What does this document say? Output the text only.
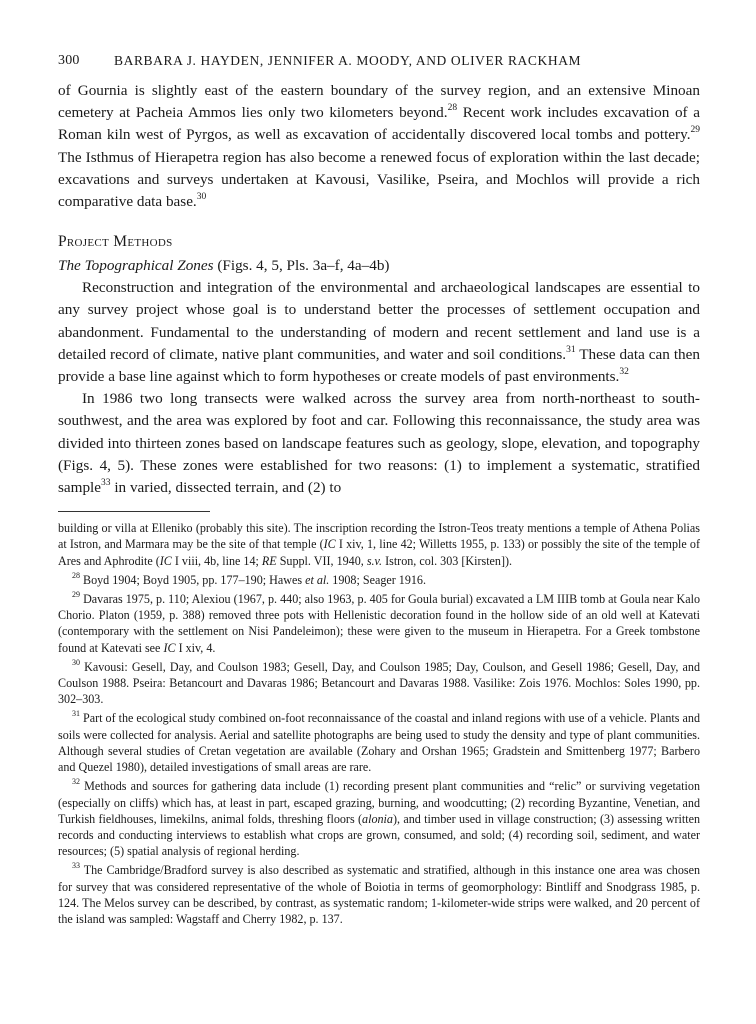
300	BARBARA J. HAYDEN, JENNIFER A. MOODY, AND OLIVER RACKHAM

of Gournia is slightly east of the eastern boundary of the survey region, and an extensive Minoan cemetery at Pacheia Ammos lies only two kilometers beyond.$^{28}$ Recent work includes excavation of a Roman kiln west of Pyrgos, as well as excavation of accidentally discovered local tombs and pottery.$^{29}$ The Isthmus of Hierapetra region has also become a renewed focus of exploration within the last decade; excavations and surveys undertaken at Kavousi, Vasilike, Pseira, and Mochlos will provide a rich comparative data base.$^{30}$

Project Methods
The Topographical Zones (Figs. 4, 5, Pls. 3a–f, 4a–4b)

Reconstruction and integration of the environmental and archaeological landscapes are essential to any survey project whose goal is to understand better the processes of settlement occupation and abandonment. Fundamental to the understanding of modern and recent settlement and land use is a detailed record of climate, native plant communities, and water and soil conditions.$^{31}$ These data can then provide a base line against which to form hypotheses or create models of past environments.$^{32}$

In 1986 two long transects were walked across the survey area from north-northeast to south-southwest, and the area was explored by foot and car. Following this reconnaissance, the study area was divided into thirteen zones based on landscape features such as geology, slope, elevation, and topography (Figs. 4, 5). These zones were established for two reasons: (1) to implement a systematic, stratified sample$^{33}$ in varied, dissected terrain, and (2) to

building or villa at Elleniko (probably this site). The inscription recording the Istron-Teos treaty mentions a temple of Athena Polias at Istron, and Marmara may be the site of that temple (IC I xiv, 1, line 42; Willetts 1955, p. 133) or possibly the site of the temple of Ares and Aphrodite (IC I viii, 4b, line 14; RE Suppl. VII, 1940, s.v. Istron, col. 303 [Kirsten]).

$^{28}$ Boyd 1904; Boyd 1905, pp. 177–190; Hawes et al. 1908; Seager 1916.

$^{29}$ Davaras 1975, p. 110; Alexiou (1967, p. 440; also 1963, p. 405 for Goula burial) excavated a LM IIIB tomb at Goula near Kalo Chorio. Platon (1959, p. 388) removed three pots with Hellenistic decoration found in the hollow side of an old well at Katevati (contemporary with the settlement on Nisi Pandeleimon); these were given to the museum in Hierapetra. For a Greek tombstone found at Katevati see IC I xiv, 4.

$^{30}$ Kavousi: Gesell, Day, and Coulson 1983; Gesell, Day, and Coulson 1985; Day, Coulson, and Gesell 1986; Gesell, Day, and Coulson 1988. Pseira: Betancourt and Davaras 1986; Betancourt and Davaras 1988. Vasilike: Zois 1976. Mochlos: Soles 1990, pp. 302–303.

$^{31}$ Part of the ecological study combined on-foot reconnaissance of the coastal and inland regions with use of a vehicle. Plants and soils were collected for analysis. Aerial and satellite photographs are being used to study the density and type of plant communities. Although several studies of Cretan vegetation are available (Zohary and Orshan 1965; Gradstein and Smittenberg 1977; Barbero and Quezel 1980), detailed investigations of small areas are rare.

$^{32}$ Methods and sources for gathering data include (1) recording present plant communities and “relic” or surviving vegetation (especially on cliffs) which has, at least in part, escaped grazing, burning, and woodcutting; (2) recording Byzantine, Venetian, and Turkish fieldhouses, limekilns, animal folds, threshing floors (alonia), and timber used in village construction; (3) assessing written records and conducting interviews to establish what crops are grown, consumed, and sold; (4) recording soil, sediment, and water resources; (5) spatial analysis of regional herding.

$^{33}$ The Cambridge/Bradford survey is also described as systematic and stratified, although in this instance one area was chosen for survey that was considered representative of the whole of Boiotia in terms of geomorphology: Bintliff and Snodgrass 1985, p. 124. The Melos survey can be described, by contrast, as systematic random; 1-kilometer-wide strips were walked, and 20 percent of the island was sampled: Wagstaff and Cherry 1982, p. 137.
